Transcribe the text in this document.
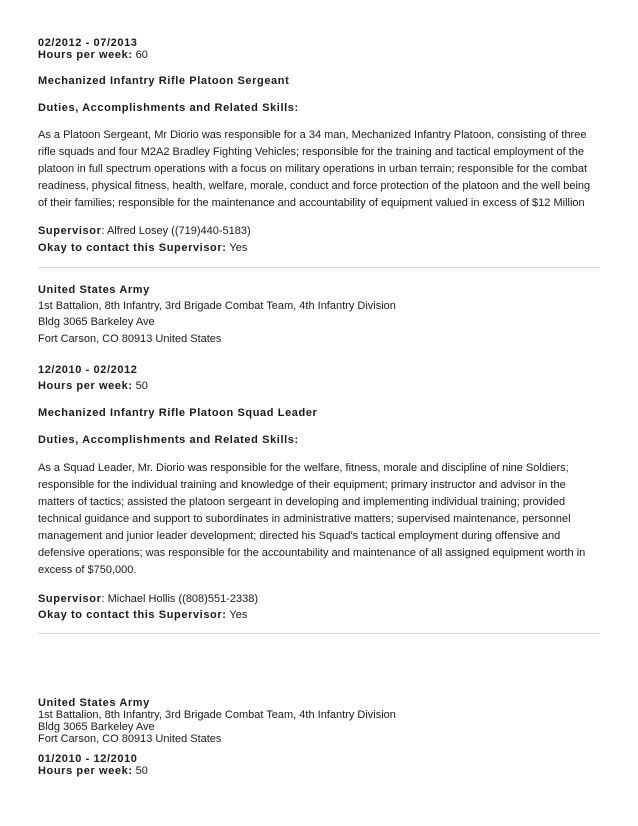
02/2012 - 07/2013
Hours per week: 60
Mechanized Infantry Rifle Platoon Sergeant
Duties, Accomplishments and Related Skills:
As a Platoon Sergeant, Mr Diorio was responsible for a 34 man, Mechanized Infantry Platoon, consisting of three rifle squads and four M2A2 Bradley Fighting Vehicles; responsible for the training and tactical employment of the platoon in full spectrum operations with a focus on military operations in urban terrain; responsible for the combat readiness, physical fitness, health, welfare, morale, conduct and force protection of the platoon and the well being of their families; responsible for the maintenance and accountability of equipment valued in excess of $12 Million
Supervisor: Alfred Losey ((719)440-5183)
Okay to contact this Supervisor: Yes
United States Army
1st Battalion, 8th Infantry, 3rd Brigade Combat Team, 4th Infantry Division
Bldg 3065 Barkeley Ave
Fort Carson, CO 80913 United States
12/2010 - 02/2012
Hours per week: 50
Mechanized Infantry Rifle Platoon Squad Leader
Duties, Accomplishments and Related Skills:
As a Squad Leader, Mr. Diorio was responsible for the welfare, fitness, morale and discipline of nine Soldiers; responsible for the individual training and knowledge of their equipment; primary instructor and advisor in the matters of tactics; assisted the platoon sergeant in developing and implementing individual training; provided technical guidance and support to subordinates in administrative matters; supervised maintenance, personnel management and junior leader development; directed his Squad's tactical employment during offensive and defensive operations; was responsible for the accountability and maintenance of all assigned equipment worth in excess of $750,000.
Supervisor: Michael Hollis ((808)551-2338)
Okay to contact this Supervisor: Yes
United States Army
1st Battalion, 8th Infantry, 3rd Brigade Combat Team, 4th Infantry Division
Bldg 3065 Barkeley Ave
Fort Carson, CO 80913 United States
01/2010 - 12/2010
Hours per week: 50
